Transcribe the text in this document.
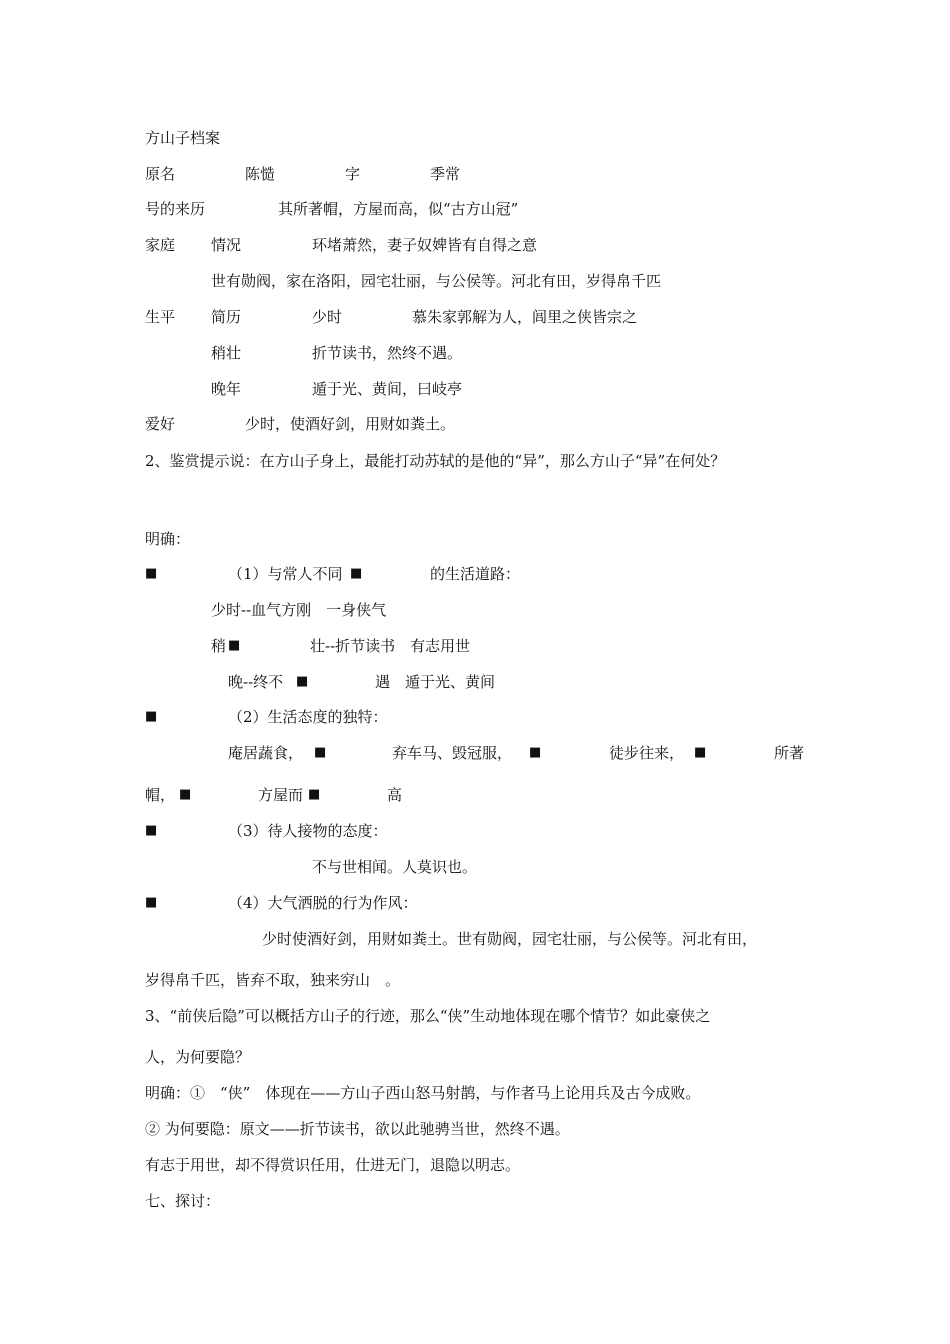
方山子档案
原名	陈慥	字	季常
号的来历	其所著帽，方屋而高，似“古方山冠”
家庭 情况	环堵萧然，妻子奴婢皆有自得之意
世有勋阀，家在洛阳，园宅壮丽，与公侯等。河北有田，岁得帛千匹
生平 简历	少时	慕朱家郭解为人，闾里之侠皆宗之
稍壮	折节读书，然终不遇。
晚年	遁于光、黄间，曰岐亭
爱好	少时，使酒好剑，用财如粪土。
2、鉴赏提示说：在方山子身上，最能打动苏轼的是他的“异”，那么方山子“异”在何处？
明确：
■	（1）与常人不同 ■	的生活道路：
少时--血气方刚　一身侠气
稍 ■	壮--折节读书　有志用世
晚--终不 ■	遇　遁于光、黄间
■	（2）生活态度的独特：
庵居蔬食， ■	弃车马、毁冠服， ■	徒步往来， ■	所著
帽， ■	方屋而 ■	高
■	（3）待人接物的态度：
不与世相闻。人莫识也。
■	（4）大气洒脱的行为作风：
少时使酒好剑，用财如粪土。世有勋阀，园宅壮丽，与公侯等。河北有田，
岁得帛千匹，皆弃不取，独来穷山　。
3、“前侠后隐”可以概括方山子的行迹，那么“侠”生动地体现在哪个情节？如此豪侠之
人，为何要隐？
明确：①　“侠”　体现在——方山子西山怒马射鹊，与作者马上论用兵及古今成败。
② 为何要隐：原文——折节读书，欲以此驰骋当世，然终不遇。
有志于用世，却不得赏识任用，仕进无门，退隐以明志。
七、探讨：
